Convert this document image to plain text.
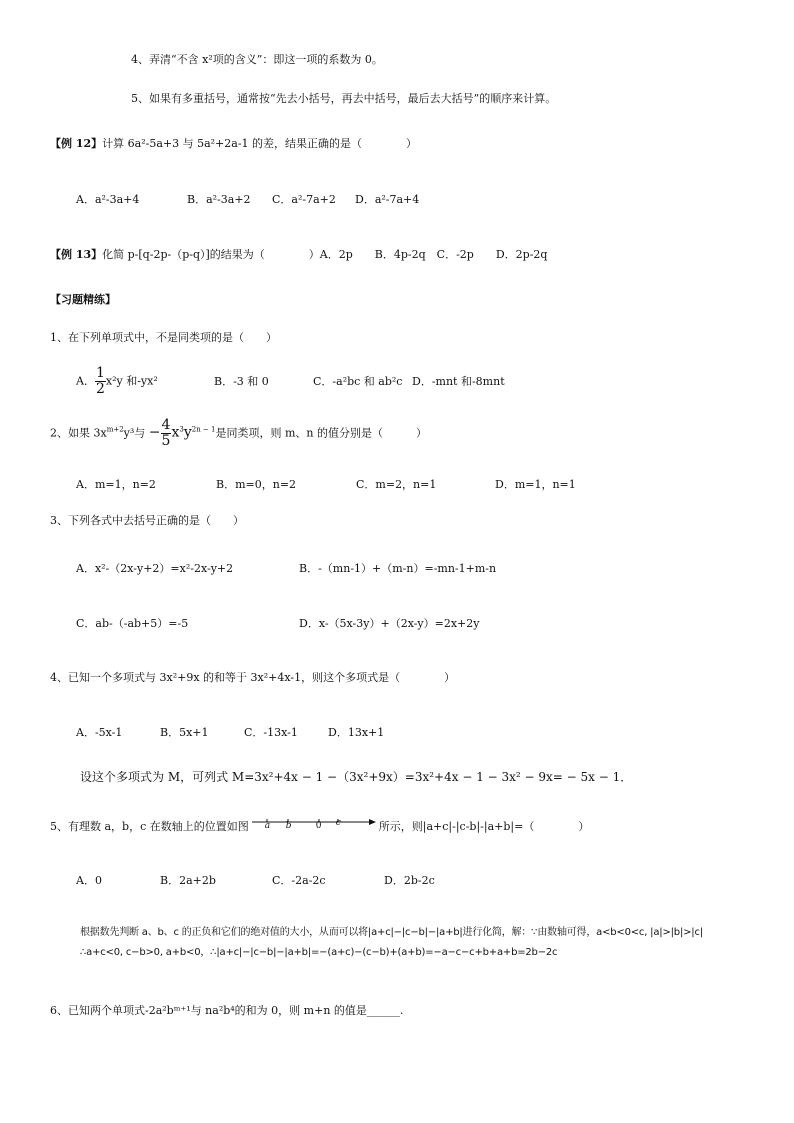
4、弄清“不含 x²项的含义”：即这一项的系数为 0。
5、如果有多重括号，通常按“先去小括号，再去中括号，最后去大括号”的顺序来计算。
【例 12】计算 6a²-5a+3 与 5a²+2a-1 的差，结果正确的是（　　　　）
A．a²-3a+4	B．a²-3a+2 C．a²-7a+2 D．a²-7a+4
【例 13】化简 p-[q-2p-（p-q）]的结果为（　　　　）A．2p　　B．4p-2q　C．-2p　　D．2p-2q
【习题精练】
1、在下列单项式中，不是同类项的是（　　）
A． $\frac{1}{2} x^2y$ 和-yx²	B．-3 和 0	C．-a²bc 和 ab²c D．-mnt 和-8mnt
2、如果 $3x^{m+2}y^3$与 − $\frac{4}{5} x^3y^{2n - 1}$是同类项，则 m、n 的值分别是（　　　）
A．m=1，n=2	B．m=0，n=2	C．m=2，n=1	D．m=1，n=1
3、下列各式中去括号正确的是（　　）
A．x²-（2x-y+2）=x²-2x-y+2	B．-（mn-1）+（m-n）=-mn-1+m-n
C．ab-（-ab+5）=-5	D．x-（5x-3y）+（2x-y）=2x+2y
4、已知一个多项式与 3x²+9x 的和等于 3x²+4x-1，则这个多项式是（　　　　）
A．-5x-1	B．5x+1	C．-13x-1	D．13x+1
设这个多项式为 M，可列式 M=3x²+4x − 1 −（3x²+9x）=3x²+4x − 1 − 3x² − 9x= − 5x − 1．
5、有理数 a，b，c 在数轴上的位置如图 a b	0 c	所示，则|a+c|-|c-b|-|a+b|=（　　　　）
A．0	B．2a+2b	C．-2a-2c	D．2b-2c
根据数先判断 a、b、c 的正负和它们的绝对值的大小，从而可以将|a+c|−|c−b|−|a+b|进行化简，解：∵由数轴可得，a<b<0<c, |a|>|b|>|c|
∴a+c<0, c−b>0, a+b<0，∴|a+c|−|c−b|−|a+b|=−(a+c)−(c−b)+(a+b)=−a−c−c+b+a+b=2b−2c
6、已知两个单项式-2a²bᵐ⁺¹与 na²b⁴的和为 0，则 m+n 的值是______.
